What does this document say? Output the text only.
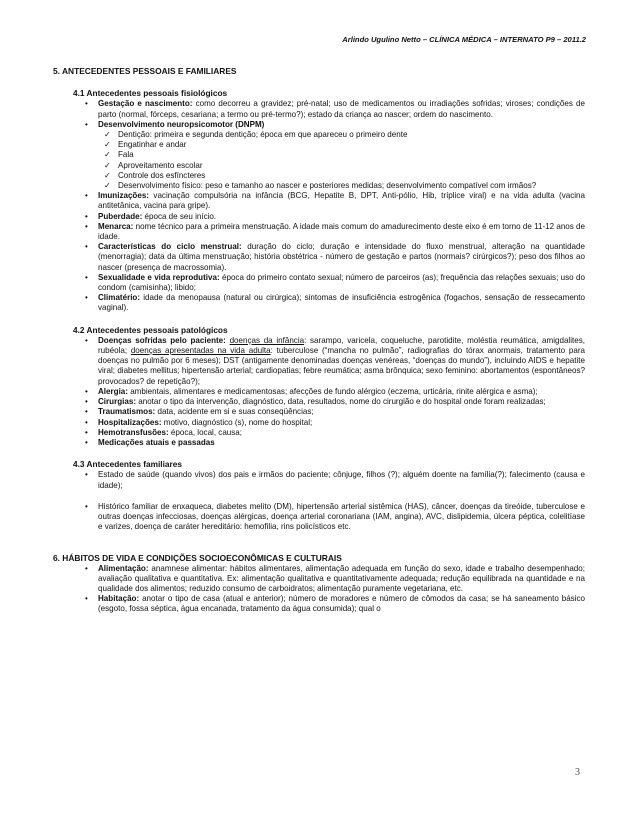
Arlindo Ugulino Netto – CLÍNICA MÉDICA – INTERNATO P9 – 2011.2

5. ANTECEDENTES PESSOAIS E FAMILIARES

4.1 Antecedentes pessoais fisiológicos

• Gestação e nascimento: como decorreu a gravidez; pré-natal; uso de medicamentos ou irradiações sofridas; viroses; condições de parto (normal, fórceps, cesariana; a termo ou pré-termo?); estado da criança ao nascer; ordem do nascimento.
• Desenvolvimento neuropsicomotor (DNPM)
✓ Dentição: primeira e segunda dentição; época em que apareceu o primeiro dente
✓ Engatinhar e andar
✓ Fala
✓ Aproveitamento escolar
✓ Controle dos esfíncteres
✓ Desenvolvimento físico: peso e tamanho ao nascer e posteriores medidas; desenvolvimento compatível com irmãos?
• Imunizações: vacinação compulsória na infância (BCG, Hepatite B, DPT, Anti-pólio, Hib, tríplice viral) e na vida adulta (vacina antitetânica, vacina para gripe).
• Puberdade: época de seu início.
• Menarca: nome técnico para a primeira menstruação. A idade mais comum do amadurecimento deste eixo é em torno de 11-12 anos de idade.
• Características do ciclo menstrual: duração do ciclo; duração e intensidade do fluxo menstrual, alteração na quantidade (menorragia); data da última menstruação; história obstétrica - número de gestação e partos (normais? cirúrgicos?); peso dos filhos ao nascer (presença de macrossomia).
• Sexualidade e vida reprodutiva: época do primeiro contato sexual; número de parceiros (as); frequência das relações sexuais; uso do condom (camisinha); libido;
• Climatério: idade da menopausa (natural ou cirúrgica); sintomas de insuficiência estrogênica (fogachos, sensação de ressecamento vaginal).

4.2 Antecedentes pessoais patológicos

• Doenças sofridas pelo paciente: doenças da infância: sarampo, varicela, coqueluche, parotidite, moléstia reumática, amigdalites, rubéola; doenças apresentadas na vida adulta: tuberculose (“mancha no pulmão”, radiografias do tórax anormais, tratamento para doenças no pulmão por 6 meses); DST (antigamente denominadas doenças venéreas, “doenças do mundo”), incluindo AIDS e hepatite viral; diabetes mellitus; hipertensão arterial; cardiopatias; febre reumática; asma brônquica; sexo feminino: abortamentos (espontâneos? provocados? de repetição?);
• Alergia: ambientais, alimentares e medicamentosas; afecções de fundo alérgico (eczema, urticária, rinite alérgica e asma);
• Cirurgias: anotar o tipo da intervenção, diagnóstico, data, resultados, nome do cirurgião e do hospital onde foram realizadas;
• Traumatismos: data, acidente em si e suas conseqüências;
• Hospitalizações: motivo, diagnóstico (s), nome do hospital;
• Hemotransfusões: época, local, causa;
• Medicações atuais e passadas

4.3 Antecedentes familiares

• Estado de saúde (quando vivos) dos pais e irmãos do paciente; cônjuge, filhos (?); alguém doente na família(?); falecimento (causa e idade);
• Histórico familiar de enxaqueca, diabetes melito (DM), hipertensão arterial sistêmica (HAS), câncer, doenças da tireóide, tuberculose e outras doenças infecciosas, doenças alérgicas, doença arterial coronariana (IAM, angina), AVC, dislipidemia, úlcera péptica, colelitíase e varizes, doença de caráter hereditário: hemofilia, rins policísticos etc.

6. HÁBITOS DE VIDA E CONDIÇÕES SOCIOECONÔMICAS E CULTURAIS

• Alimentação: anamnese alimentar: hábitos alimentares, alimentação adequada em função do sexo, idade e trabalho desempenhado; avaliação qualitativa e quantitativa. Ex: alimentação qualitativa e quantitativamente adequada; redução equilibrada na quantidade e na qualidade dos alimentos; reduzido consumo de carboidratos; alimentação puramente vegetariana, etc.
• Habitação: anotar o tipo de casa (atual e anterior); número de moradores e número de cômodos da casa; se há saneamento básico (esgoto, fossa séptica, água encanada, tratamento da água consumida); qual o
3
